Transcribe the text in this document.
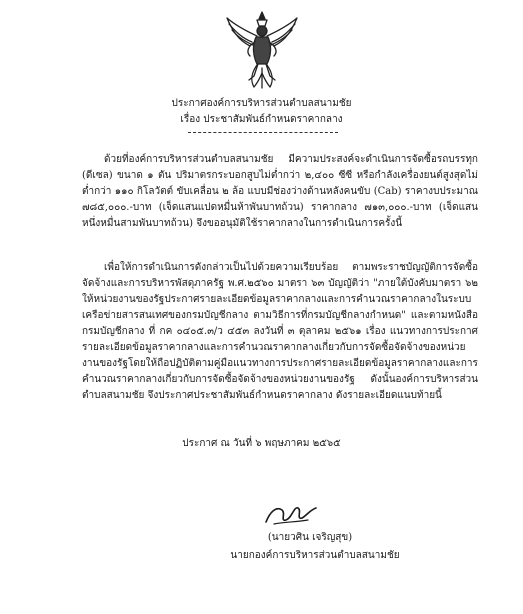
ประกาศองค์การบริหารส่วนตำบลสนามชัย
เรื่อง ประชาสัมพันธ์กำหนดราคากลาง
ด้วยที่องค์การบริหารส่วนตำบลสนามชัย มีความประสงค์จะดำเนินการจัดซื้อรถบรรทุก (ดีเซล) ขนาด ๑ ตัน ปริมาตรกระบอกสูบไม่ต่ำกว่า ๒,๔๐๐ ซีซี หรือกำลังเครื่องยนต์สูงสุดไม่ต่ำกว่า ๑๑๐ กิโลวัตต์ ขับเคลื่อน ๒ ล้อ แบบมีช่องว่างด้านหลังคนขับ (Cab) ราคางบประมาณ ๗๘๕,๐๐๐.-บาท (เจ็ดแสนแปดหมื่นห้าพันบาทถ้วน) ราคากลาง ๗๑๓,๐๐๐.-บาท (เจ็ดแสนหนึ่งหมื่นสามพันบาทถ้วน) จึงขออนุมัติใช้ราคากลางในการดำเนินการครั้งนี้
เพื่อให้การดำเนินการดังกล่าวเป็นไปด้วยความเรียบร้อย ตามพระราชบัญญัติการจัดซื้อจัดจ้างและการบริหารพัสดุภาครัฐ พ.ศ.๒๕๖๐ มาตรา ๖๓ บัญญัติว่า "ภายใต้บังคับมาตรา ๖๒ ให้หน่วยงานของรัฐประกาศรายละเอียดข้อมูลราคากลางและการคำนวณราคากลางในระบบเครือข่ายสารสนเทศของกรมบัญชีกลาง ตามวิธีการที่กรมบัญชีกลางกำหนด" และตามหนังสือกรมบัญชีกลาง ที่ กค ๐๔๐๕.๓/ว ๔๕๓ ลงวันที่ ๓ ตุลาคม ๒๕๖๑ เรื่อง แนวทางการประกาศรายละเอียดข้อมูลราคากลางและการคำนวณราคากลางเกี่ยวกับการจัดซื้อจัดจ้างของหน่วยงานของรัฐโดยให้ถือปฏิบัติตามคู่มือแนวทางการประกาศรายละเอียดข้อมูลราคากลางและการคำนวณราคากลางเกี่ยวกับการจัดซื้อจัดจ้างของหน่วยงานของรัฐ ดังนั้นองค์การบริหารส่วนตำบลสนามชัย จึงประกาศประชาสัมพันธ์กำหนดราคากลาง ดังรายละเอียดแนบท้ายนี้
ประกาศ ณ วันที่ ๖ พฤษภาคม ๒๕๖๕
(นายวศิน เจริญสุข)
นายกองค์การบริหารส่วนตำบลสนามชัย
